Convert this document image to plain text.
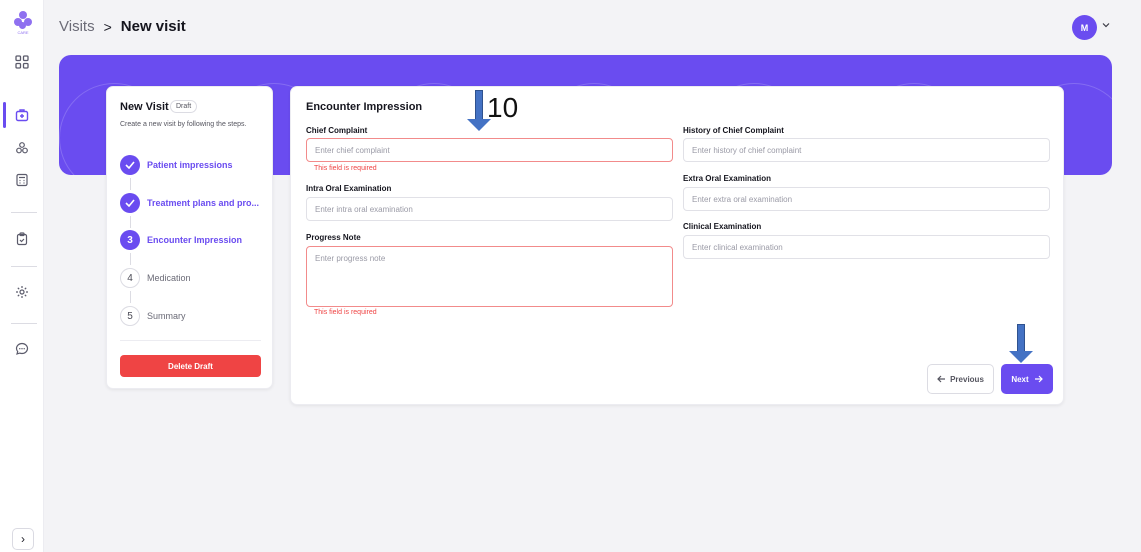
CARE
›
Visits > New visit	M
New Visit	Draft
Create a new visit by following the steps.
Patient impressions
Treatment plans and pro...
3	Encounter Impression
4	Medication
5	Summary
Delete Draft
Encounter Impression
Chief Complaint
Enter chief complaint
This field is required
Intra Oral Examination
Enter intra oral examination
Progress Note
Enter progress note
This field is required
History of Chief Complaint
Enter history of chief complaint
Extra Oral Examination
Enter extra oral examination
Clinical Examination
Enter clinical examination
Previous	Next
10
